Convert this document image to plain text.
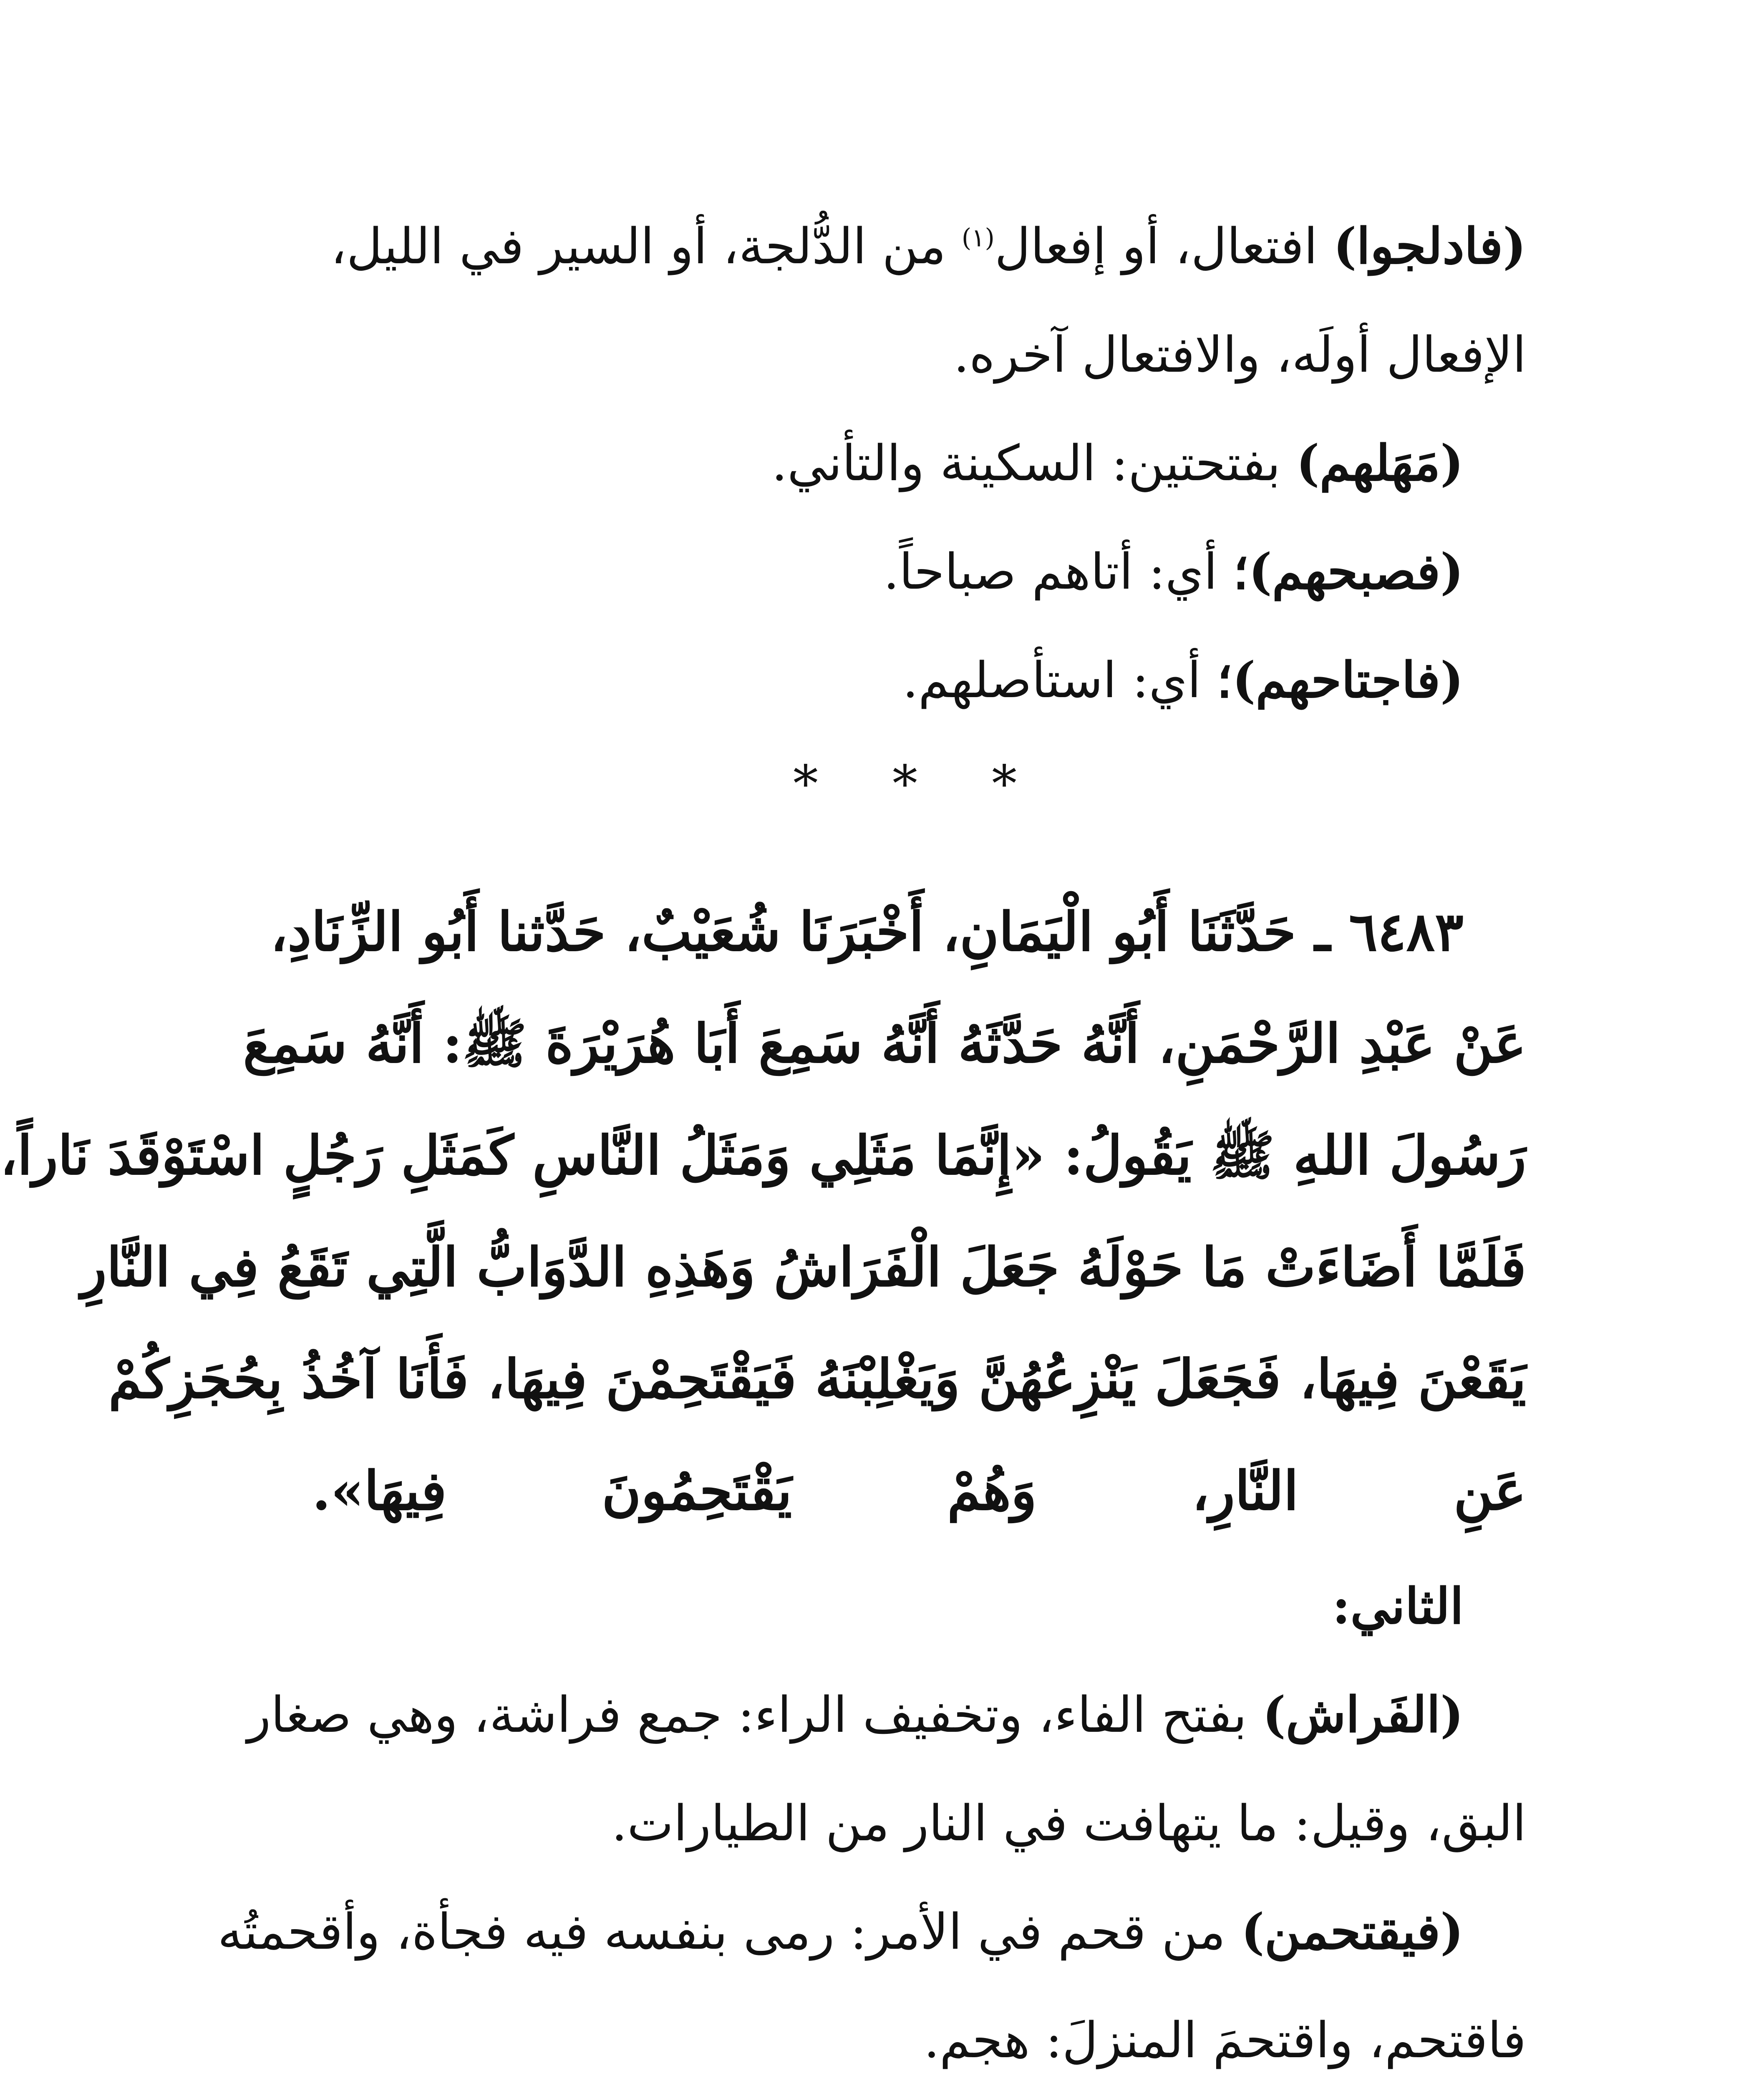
(فادلجوا) افتعال، أو إفعال$^{(١)}$ من الدُّلجة، أو السير في الليل،
الإفعال أولَه، والافتعال آخره.
(مَهَلهم) بفتحتين: السكينة والتأني.
(فصبحهم)؛ أي: أتاهم صباحاً.
(فاجتاحهم)؛ أي: استأصلهم.
* * *
٦٤٨٣ ـ حَدَّثَنَا أَبُو الْيَمَانِ، أَخْبَرَنَا شُعَيْبٌ، حَدَّثنا أَبُو الزِّنَادِ،
عَنْ عَبْدِ الرَّحْمَنِ، أَنَّهُ حَدَّثَهُ أَنَّهُ سَمِعَ أَبَا هُرَيْرَةَ ﷺ: أَنَّهُ سَمِعَ
رَسُولَ اللهِ ﷺ يَقُولُ: «إِنَّمَا مَثَلِي وَمَثَلُ النَّاسِ كَمَثَلِ رَجُلٍ اسْتَوْقَدَ نَاراً،
فَلَمَّا أَضَاءَتْ مَا حَوْلَهُ جَعَلَ الْفَرَاشُ وَهَذِهِ الدَّوَابُّ الَّتِي تَقَعُ فِي النَّارِ
يَقَعْنَ فِيهَا، فَجَعَلَ يَنْزِعُهُنَّ وَيَغْلِبْنَهُ فَيَقْتَحِمْنَ فِيهَا، فَأَنَا آخُذُ بِحُجَزِكُمْ
عَنِ النَّارِ، وَهُمْ يَقْتَحِمُونَ فِيهَا».
الثاني:
(الفَراش) بفتح الفاء، وتخفيف الراء: جمع فراشة، وهي صغار
البق، وقيل: ما يتهافت في النار من الطيارات.
(فيقتحمن) من قحم في الأمر: رمى بنفسه فيه فجأة، وأقحمتُه
فاقتحم، واقتحمَ المنزلَ: هجم.
